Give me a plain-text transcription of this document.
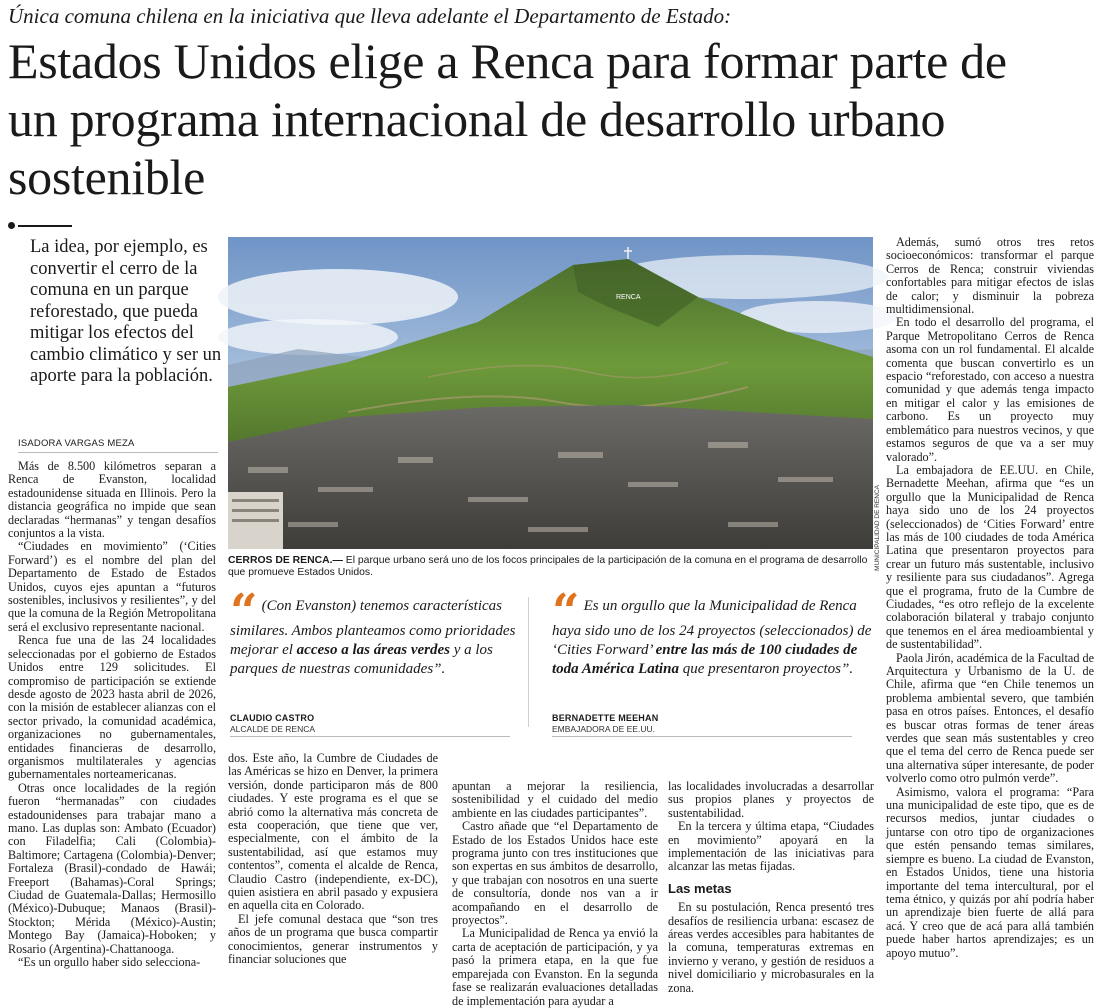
Única comuna chilena en la iniciativa que lleva adelante el Departamento de Estado:
Estados Unidos elige a Renca para formar parte de un programa internacional de desarrollo urbano sostenible
La idea, por ejemplo, es convertir el cerro de la comuna en un parque reforestado, que pueda mitigar los efectos del cambio climático y ser un aporte para la población.
ISADORA VARGAS MEZA

Más de 8.500 kilómetros separan a Renca de Evanston, localidad estadounidense situada en Illinois. Pero la distancia geográfica no impide que sean declaradas “hermanas” y tengan desafíos conjuntos a la vista.

“Ciudades en movimiento” (‘Cities Forward’) es el nombre del plan del Departamento de Estado de Estados Unidos, cuyos ejes apuntan a “futuros sostenibles, inclusivos y resilientes”, y del que la comuna de la Región Metropolitana será el exclusivo representante nacional.

Renca fue una de las 24 localidades seleccionadas por el gobierno de Estados Unidos entre 129 solicitudes. El compromiso de participación se extiende desde agosto de 2023 hasta abril de 2026, con la misión de establecer alianzas con el sector privado, la comunidad académica, organizaciones no gubernamentales, entidades financieras de desarrollo, organismos multilaterales y agencias gubernamentales norteamericanas.

Otras once localidades de la región fueron “hermanadas” con ciudades estadounidenses para trabajar mano a mano. Las duplas son: Ambato (Ecuador) con Filadelfia; Cali (Colombia)-Baltimore; Cartagena (Colombia)-Denver; Fortaleza (Brasil)-condado de Hawái; Freeport (Bahamas)-Coral Springs; Ciudad de Guatemala-Dallas; Hermosillo (México)-Dubuque; Manaos (Brasil)-Stockton; Mérida (México)-Austin; Montego Bay (Jamaica)-Hoboken; y Rosario (Argentina)-Chattanooga.

“Es un orgullo haber sido selecciona-

RENCA
MUNICIPALIDAD DE RENCA
CERROS DE RENCA.— El parque urbano será uno de los focos principales de la participación de la comuna en el programa de desarrollo que promueve Estados Unidos.
“ (Con Evanston) tenemos características similares. Ambos planteamos como prioridades mejorar el acceso a las áreas verdes y a los parques de nuestras comunidades”.
CLAUDIO CASTRO
ALCALDE DE RENCA
“ Es un orgullo que la Municipalidad de Renca haya sido uno de los 24 proyectos (seleccionados) de ‘Cities Forward’ entre las más de 100 ciudades de toda América Latina que presentaron proyectos”.
BERNADETTE MEEHAN
EMBAJADORA DE EE.UU.

dos. Este año, la Cumbre de Ciudades de las Américas se hizo en Denver, la primera versión, donde participaron más de 800 ciudades. Y este programa es el que se abrió como la alternativa más concreta de esta cooperación, que tiene que ver, especialmente, con el ámbito de la sustentabilidad, así que estamos muy contentos”, comenta el alcalde de Renca, Claudio Castro (independiente, ex-DC), quien asistiera en abril pasado y expusiera en aquella cita en Colorado.

El jefe comunal destaca que “son tres años de un programa que busca compartir conocimientos, generar instrumentos y financiar soluciones que

apuntan a mejorar la resiliencia, sostenibilidad y el cuidado del medio ambiente en las ciudades participantes”.

Castro añade que “el Departamento de Estado de los Estados Unidos hace este programa junto con tres instituciones que son expertas en sus ámbitos de desarrollo, y que trabajan con nosotros en una suerte de consultoría, donde nos van a ir acompañando en el desarrollo de proyectos”.

La Municipalidad de Renca ya envió la carta de aceptación de participación, y ya pasó la primera etapa, en la que fue emparejada con Evanston. En la segunda fase se realizarán evaluaciones detalladas de implementación para ayudar a

las localidades involucradas a desarrollar sus propios planes y proyectos de sustentabilidad.

En la tercera y última etapa, “Ciudades en movimiento” apoyará en la implementación de las iniciativas para alcanzar las metas fijadas.

Las metas

En su postulación, Renca presentó tres desafíos de resiliencia urbana: escasez de áreas verdes accesibles para habitantes de la comuna, temperaturas extremas en invierno y verano, y gestión de residuos a nivel domiciliario y microbasurales en la zona.

Además, sumó otros tres retos socioeconómicos: transformar el parque Cerros de Renca; construir viviendas confortables para mitigar efectos de islas de calor; y disminuir la pobreza multidimensional.

En todo el desarrollo del programa, el Parque Metropolitano Cerros de Renca asoma con un rol fundamental. El alcalde comenta que buscan convertirlo es un espacio “reforestado, con acceso a nuestra comunidad y que además tenga impacto en mitigar el calor y las emisiones de carbono. Es un proyecto muy emblemático para nuestros vecinos, y que estamos seguros de que va a ser muy valorado”.

La embajadora de EE.UU. en Chile, Bernadette Meehan, afirma que “es un orgullo que la Municipalidad de Renca haya sido uno de los 24 proyectos (seleccionados) de ‘Cities Forward’ entre las más de 100 ciudades de toda América Latina que presentaron proyectos para crear un futuro más sustentable, inclusivo y resiliente para sus ciudadanos”. Agrega que el programa, fruto de la Cumbre de Ciudades, “es otro reflejo de la excelente colaboración bilateral y trabajo conjunto que tenemos en el área medioambiental y de sustentabilidad”.

Paola Jirón, académica de la Facultad de Arquitectura y Urbanismo de la U. de Chile, afirma que “en Chile tenemos un problema ambiental severo, que también pasa en otros países. Entonces, el desafío es buscar otras formas de tener áreas verdes que sean más sustentables y creo que el tema del cerro de Renca puede ser una alternativa súper interesante, de poder volverlo como otro pulmón verde”.

Asimismo, valora el programa: “Para una municipalidad de este tipo, que es de recursos medios, juntar ciudades o juntarse con otro tipo de organizaciones que estén pensando temas similares, siempre es bueno. La ciudad de Evanston, en Estados Unidos, tiene una historia importante del tema intercultural, por el tema étnico, y quizás por ahí podría haber un aprendizaje bien fuerte de allá para acá. Y creo que de acá para allá también puede haber hartos aprendizajes; es un apoyo mutuo”.
